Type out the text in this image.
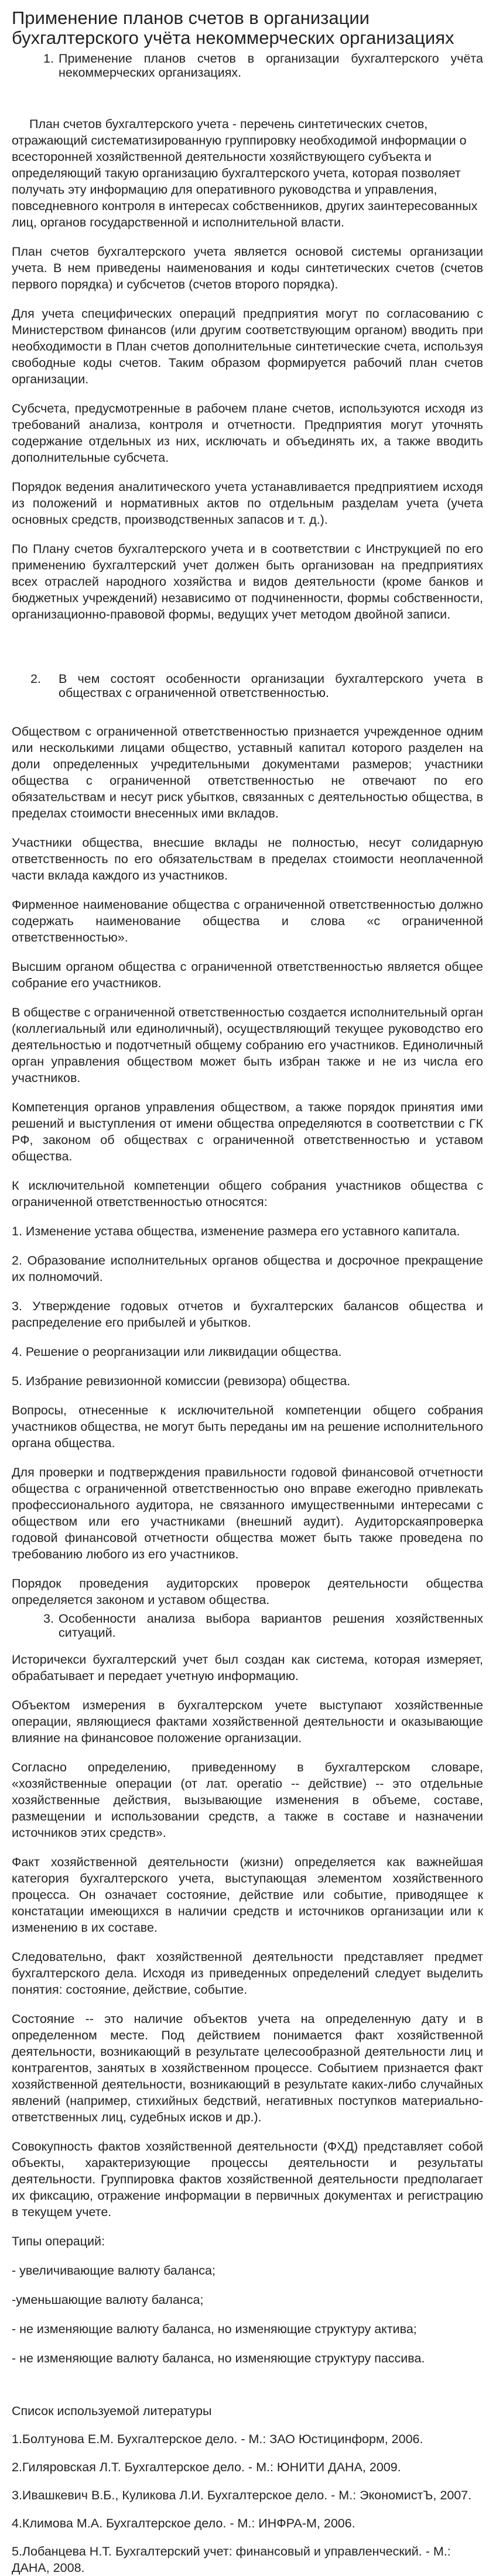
Применение планов счетов в организации бухгалтерского учёта некоммерческих организациях
1. Применение планов счетов в организации бухгалтерского учёта некоммерческих организациях.

План счетов бухгалтерского учета - перечень синтетических счетов, отражающий систематизированную группировку необходимой информации о всесторонней хозяйственной деятельности хозяйствующего субъекта и определяющий такую организацию бухгалтерского учета, которая позволяет получать эту информацию для оперативного руководства и управления, повседневного контроля в интересах собственников, других заинтересованных лиц, органов государственной и исполнительной власти.

План счетов бухгалтерского учета является основой системы организации учета. В нем приведены наименования и коды синтетических счетов (счетов первого порядка) и субсчетов (счетов второго порядка).

Для учета специфических операций предприятия могут по согласованию с Министерством финансов (или другим соответствующим органом) вводить при необходимости в План счетов дополнительные синтетические счета, используя свободные коды счетов. Таким образом формируется рабочий план счетов организации.

Субсчета, предусмотренные в рабочем плане счетов, используются исходя из требований анализа, контроля и отчетности. Предприятия могут уточнять содержание отдельных из них, исключать и объединять их, а также вводить дополнительные субсчета.

Порядок ведения аналитического учета устанавливается предприятием исходя из положений и нормативных актов по отдельным разделам учета (учета основных средств, производственных запасов и т. д.).

По Плану счетов бухгалтерского учета и в соответствии с Инструкцией по его применению бухгалтерский учет должен быть организован на предприятиях всех отраслей народного хозяйства и видов деятельности (кроме банков и бюджетных учреждений) независимо от подчиненности, формы собственности, организационно-правовой формы, ведущих учет методом двойной записи.

2. В чем состоят особенности организации бухгалтерского учета в обществах с ограниченной ответственностью.

Обществом с ограниченной ответственностью признается учрежденное одним или несколькими лицами общество, уставный капитал которого разделен на доли определенных учредительными документами размеров; участники общества с ограниченной ответственностью не отвечают по его обязательствам и несут риск убытков, связанных с деятельностью общества, в пределах стоимости внесенных ими вкладов.

Участники общества, внесшие вклады не полностью, несут солидарную ответственность по его обязательствам в пределах стоимости неоплаченной части вклада каждого из участников.

Фирменное наименование общества с ограниченной ответственностью должно содержать наименование общества и слова «с ограниченной ответственностью».

Высшим органом общества с ограниченной ответственностью является общее собрание его участников.

В обществе с ограниченной ответственностью создается исполнительный орган (коллегиальный или единоличный), осуществляющий текущее руководство его деятельностью и подотчетный общему собранию его участников. Единоличный орган управления обществом может быть избран также и не из числа его участников.

Компетенция органов управления обществом, а также порядок принятия ими решений и выступления от имени общества определяются в соответствии с ГК РФ, законом об обществах с ограниченной ответственностью и уставом общества.

К исключительной компетенции общего собрания участников общества с ограниченной ответственностью относятся:

1. Изменение устава общества, изменение размера его уставного капитала.

2. Образование исполнительных органов общества и досрочное прекращение их полномочий.

3. Утверждение годовых отчетов и бухгалтерских балансов общества и распределение его прибылей и убытков.

4. Решение о реорганизации или ликвидации общества.

5. Избрание ревизионной комиссии (ревизора) общества.

Вопросы, отнесенные к исключительной компетенции общего собрания участников общества, не могут быть переданы им на решение исполнительного органа общества.

Для проверки и подтверждения правильности годовой финансовой отчетности общества с ограниченной ответственностью оно вправе ежегодно привлекать профессионального аудитора, не связанного имущественными интересами с обществом или его участниками (внешний аудит). Аудиторскаяпроверка годовой финансовой отчетности общества может быть также проведена по требованию любого из его участников.

Порядок проведения аудиторских проверок деятельности общества определяется законом и уставом общества.

3. Особенности анализа выбора вариантов решения хозяйственных ситуаций.

Историчекси бухгалтерский учет был создан как система, которая измеряет, обрабатывает и передает учетную информацию.

Объектом измерения в бухгалтерском учете выступают хозяйственные операции, являющиеся фактами хозяйственной деятельности и оказывающие влияние на финансовое положение организации.

Согласно определению, приведенному в бухгалтерском словаре, «хозяйственные операции (от лат. operatio -- действие) -- это отдельные хозяйственные действия, вызывающие изменения в объеме, составе, размещении и использовании средств, а также в составе и назначении источников этих средств».

Факт хозяйственной деятельности (жизни) определяется как важнейшая категория бухгалтерского учета, выступающая элементом хозяйственного процесса. Он означает состояние, действие или событие, приводящее к констатации имеющихся в наличии средств и источников организации или к изменению в их составе.

Следовательно, факт хозяйственной деятельности представляет предмет бухгалтерского дела. Исходя из приведенных определений следует выделить понятия: состояние, действие, событие.

Состояние -- это наличие объектов учета на определенную дату и в определенном месте. Под действием понимается факт хозяйственной деятельности, возникающий в результате целесообразной деятельности лиц и контрагентов, занятых в хозяйственном процессе. Событием признается факт хозяйственной деятельности, возникающий в результате каких-либо случайных явлений (например, стихийных бедствий, негативных поступков материально-ответственных лиц, судебных исков и др.).

Совокупность фактов хозяйственной деятельности (ФХД) представляет собой объекты, характеризующие процессы деятельности и результаты деятельности. Группировка фактов хозяйственной деятельности предполагает их фиксацию, отражение информации в первичных документах и регистрацию в текущем учете.

Типы операций:

- увеличивающие валюту баланса;

-уменьшающие валюту баланса;

- не изменяющие валюту баланса, но изменяющие структуру актива;

- не изменяющие валюту баланса, но изменяющие структуру пассива.

Список используемой литературы

1.Болтунова Е.М. Бухгалтерское дело. - М.: ЗАО Юстицинформ, 2006.

2.Гиляровская Л.Т. Бухгалтерское дело. - М.: ЮНИТИ ДАНА, 2009.

3.Ивашкевич В.Б., Куликова Л.И. Бухгалтерское дело. - М.: ЭкономистЪ, 2007.

4.Климова М.А. Бухгалтерское дело. - М.: ИНФРА-М, 2006.

5.Лобанцева Н.Т. Бухгалтерский учет: финансовый и управленческий. - М.: ДАНА, 2008.
